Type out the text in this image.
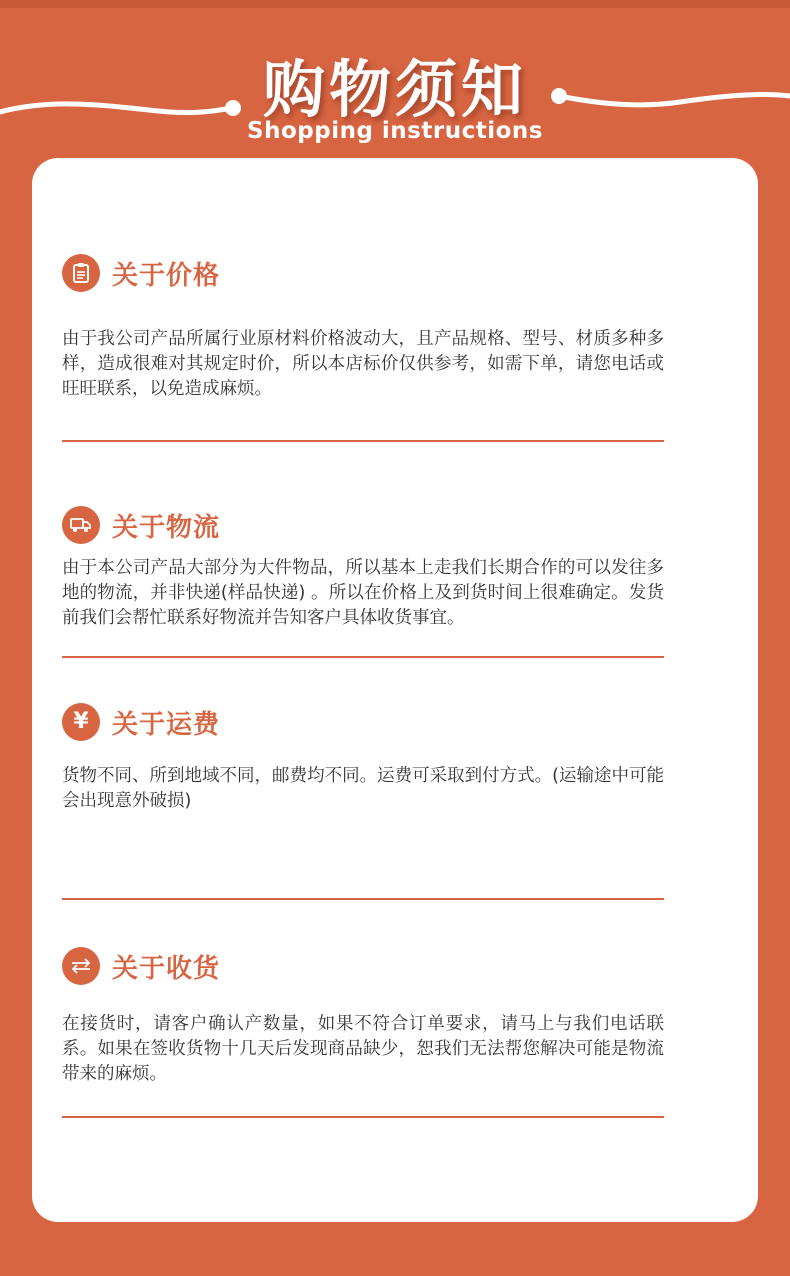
购物须知
Shopping instructions
关于价格
由于我公司产品所属行业原材料价格波动大，且产品规格、型号、材质多种多样，造成很难对其规定时价，所以本店标价仅供参考，如需下单，请您电话或旺旺联系，以免造成麻烦。
关于物流
由于本公司产品大部分为大件物品，所以基本上走我们长期合作的可以发往多地的物流，并非快递(样品快递) 。所以在价格上及到货时间上很难确定。发货前我们会帮忙联系好物流并告知客户具体收货事宜。
¥ 关于运费
货物不同、所到地域不同，邮费均不同。运费可采取到付方式。(运输途中可能会出现意外破损)
关于收货
在接货时，请客户确认产数量，如果不符合订单要求，请马上与我们电话联系。如果在签收货物十几天后发现商品缺少，恕我们无法帮您解决可能是物流带来的麻烦。
